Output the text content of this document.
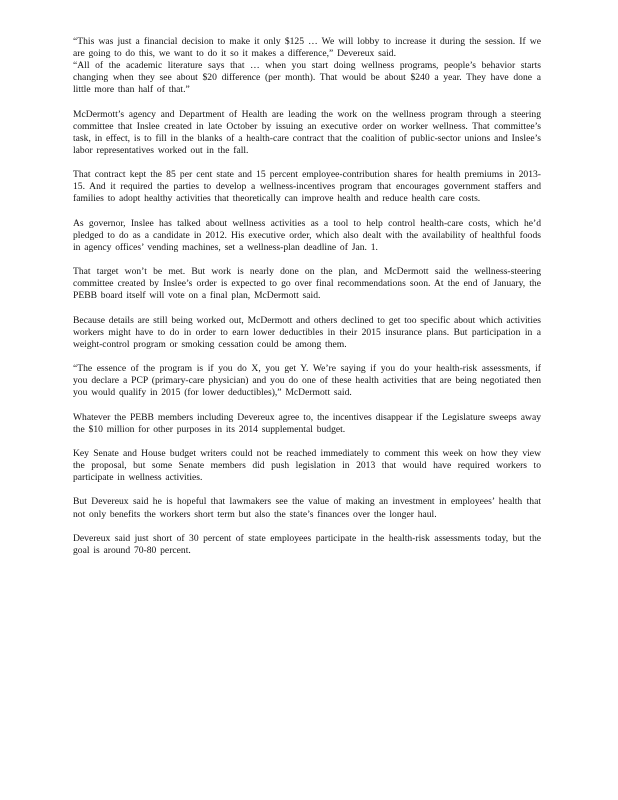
“This was just a financial decision to make it only $125 … We will lobby to increase it during the session. If we are going to do this, we want to do it so it makes a difference,” Devereux said.

“All of the academic literature says that … when you start doing wellness programs, people’s behavior starts changing when they see about $20 difference (per month). That would be about $240 a year. They have done a little more than half of that.”

McDermott’s agency and Department of Health are leading the work on the wellness program through a steering committee that Inslee created in late October by issuing an executive order on worker wellness. That committee’s task, in effect, is to fill in the blanks of a health-care contract that the coalition of public-sector unions and Inslee’s labor representatives worked out in the fall.

That contract kept the 85 per cent state and 15 percent employee-contribution shares for health premiums in 2013-15. And it required the parties to develop a wellness-incentives program that encourages government staffers and families to adopt healthy activities that theoretically can improve health and reduce health care costs.

As governor, Inslee has talked about wellness activities as a tool to help control health-care costs, which he’d pledged to do as a candidate in 2012. His executive order, which also dealt with the availability of healthful foods in agency offices’ vending machines, set a wellness-plan deadline of Jan. 1.

That target won’t be met. But work is nearly done on the plan, and McDermott said the wellness-steering committee created by Inslee’s order is expected to go over final recommendations soon. At the end of January, the PEBB board itself will vote on a final plan, McDermott said.

Because details are still being worked out, McDermott and others declined to get too specific about which activities workers might have to do in order to earn lower deductibles in their 2015 insurance plans. But participation in a weight-control program or smoking cessation could be among them.

“The essence of the program is if you do X, you get Y. We’re saying if you do your health-risk assessments, if you declare a PCP (primary-care physician) and you do one of these health activities that are being negotiated then you would qualify in 2015 (for lower deductibles),” McDermott said.

Whatever the PEBB members including Devereux agree to, the incentives disappear if the Legislature sweeps away the $10 million for other purposes in its 2014 supplemental budget.

Key Senate and House budget writers could not be reached immediately to comment this week on how they view the proposal, but some Senate members did push legislation in 2013 that would have required workers to participate in wellness activities.

But Devereux said he is hopeful that lawmakers see the value of making an investment in employees’ health that not only benefits the workers short term but also the state’s finances over the longer haul.

Devereux said just short of 30 percent of state employees participate in the health-risk assessments today, but the goal is around 70-80 percent.
